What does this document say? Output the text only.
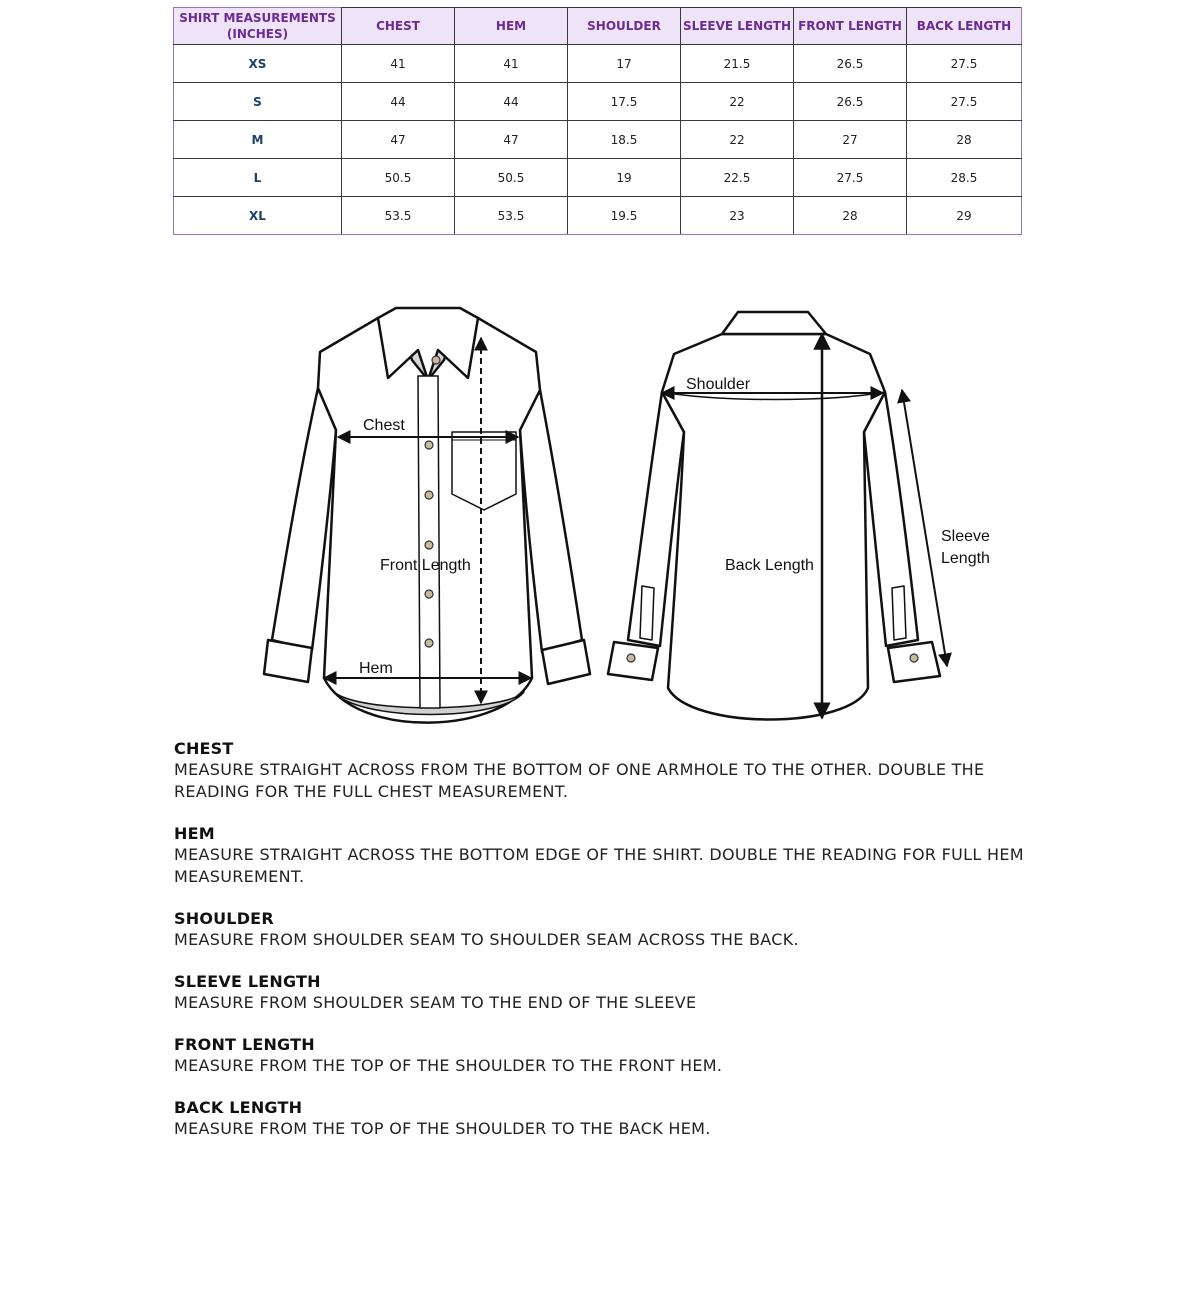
SHIRT MEASUREMENTS (INCHES)	CHEST	HEM	SHOULDER	SLEEVE LENGTH	FRONT LENGTH	BACK LENGTH
XS	41	41	17	21.5	26.5	27.5
S	44	44	17.5	22	26.5	27.5
M	47	47	18.5	22	27	28
L	50.5	50.5	19	22.5	27.5	28.5
XL	53.5	53.5	19.5	23	28	29
Chest
Front Length
Hem
Shoulder
Back Length
Sleeve
Length
CHEST
MEASURE STRAIGHT ACROSS FROM THE BOTTOM OF ONE ARMHOLE TO THE OTHER. DOUBLE THE READING FOR THE FULL CHEST MEASUREMENT.
HEM
MEASURE STRAIGHT ACROSS THE BOTTOM EDGE OF THE SHIRT. DOUBLE THE READING FOR FULL HEM MEASUREMENT.
SHOULDER
MEASURE FROM SHOULDER SEAM TO SHOULDER SEAM ACROSS THE BACK.
SLEEVE LENGTH
MEASURE FROM SHOULDER SEAM TO THE END OF THE SLEEVE
FRONT LENGTH
MEASURE FROM THE TOP OF THE SHOULDER TO THE FRONT HEM.
BACK LENGTH
MEASURE FROM THE TOP OF THE SHOULDER TO THE BACK HEM.
